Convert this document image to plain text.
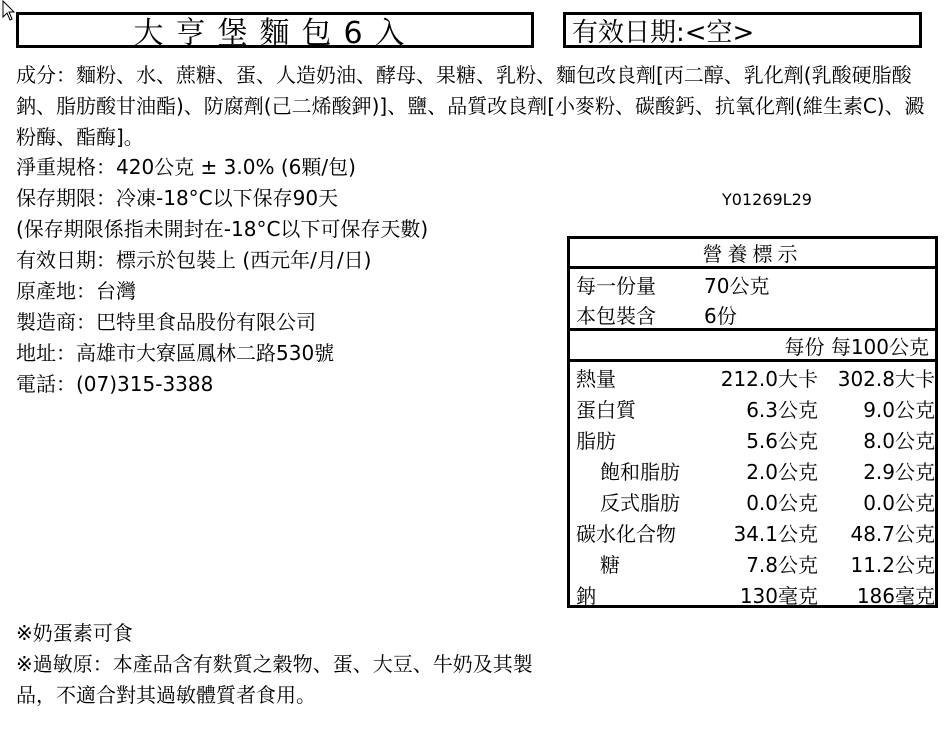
大亨堡麵包6入	有效日期:<空>
成分：麵粉、水、蔗糖、蛋、人造奶油、酵母、果糖、乳粉、麵包改良劑[丙二醇、乳化劑(乳酸硬脂酸鈉、脂肪酸甘油酯)、防腐劑(己二烯酸鉀)]、鹽、品質改良劑[小麥粉、碳酸鈣、抗氧化劑(維生素C)、澱粉酶、酯酶]。
淨重規格：420公克 ± 3.0% (6顆/包)
保存期限：冷凍-18°C以下保存90天
(保存期限係指未開封在-18°C以下可保存天數)
有效日期：標示於包裝上 (西元年/月/日)
原產地：台灣
製造商：巴特里食品股份有限公司
地址：高雄市大寮區鳳林二路530號
電話：(07)315-3388
Y01269L29
營養標示
每一份量	70公克
本包裝含	6份
每份 每100公克
熱量	212.0大卡 302.8大卡
蛋白質	6.3公克	9.0公克
脂肪	5.6公克	8.0公克
飽和脂肪	2.0公克	2.9公克
反式脂肪	0.0公克	0.0公克
碳水化合物	34.1公克	48.7公克
糖	7.8公克	11.2公克
鈉	130毫克	186毫克
※奶蛋素可食
※過敏原：本產品含有麩質之穀物、蛋、大豆、牛奶及其製品，不適合對其過敏體質者食用。
